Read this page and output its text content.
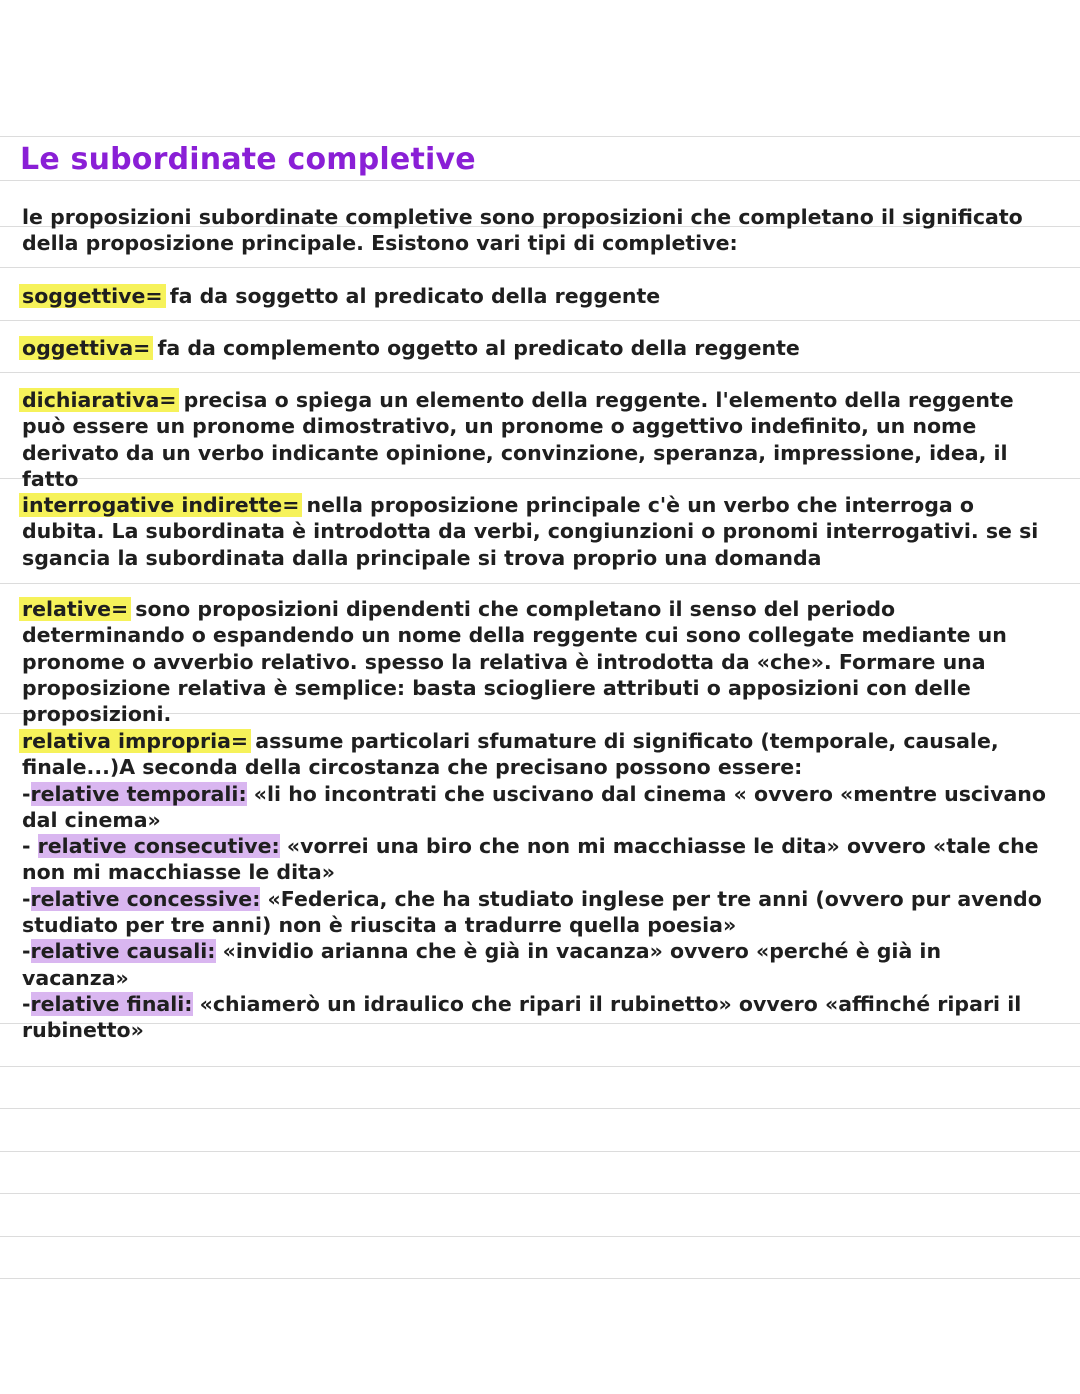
Le subordinate completive
le proposizioni subordinate completive sono proposizioni che completano il significato della proposizione principale. Esistono vari tipi di completive:
soggettive= fa da soggetto al predicato della reggente
oggettiva= fa da complemento oggetto al predicato della reggente
dichiarativa= precisa o spiega un elemento della reggente. l'elemento della reggente può essere un pronome dimostrativo, un pronome o aggettivo indefinito, un nome derivato da un verbo indicante opinione, convinzione, speranza, impressione, idea, il fatto
interrogative indirette= nella proposizione principale c'è un verbo che interroga o dubita. La subordinata è introdotta da verbi, congiunzioni o pronomi interrogativi. se si sgancia la subordinata dalla principale si trova proprio una domanda
relative= sono proposizioni dipendenti che completano il senso del periodo determinando o espandendo un nome della reggente cui sono collegate mediante un pronome o avverbio relativo. spesso la relativa è introdotta da «che». Formare una proposizione relativa è semplice: basta sciogliere attributi o apposizioni con delle proposizioni.
relativa impropria= assume particolari sfumature di significato (temporale, causale, finale...)A seconda della circostanza che precisano possono essere:
-relative temporali: «li ho incontrati che uscivano dal cinema « ovvero «mentre uscivano dal cinema»
- relative consecutive: «vorrei una biro che non mi macchiasse le dita» ovvero «tale che non mi macchiasse le dita»
-relative concessive: «Federica, che ha studiato inglese per tre anni (ovvero pur avendo studiato per tre anni) non è riuscita a tradurre quella poesia»
-relative causali: «invidio arianna che è già in vacanza» ovvero «perché è già in vacanza»
-relative finali: «chiamerò un idraulico che ripari il rubinetto» ovvero «affinché ripari il rubinetto»
